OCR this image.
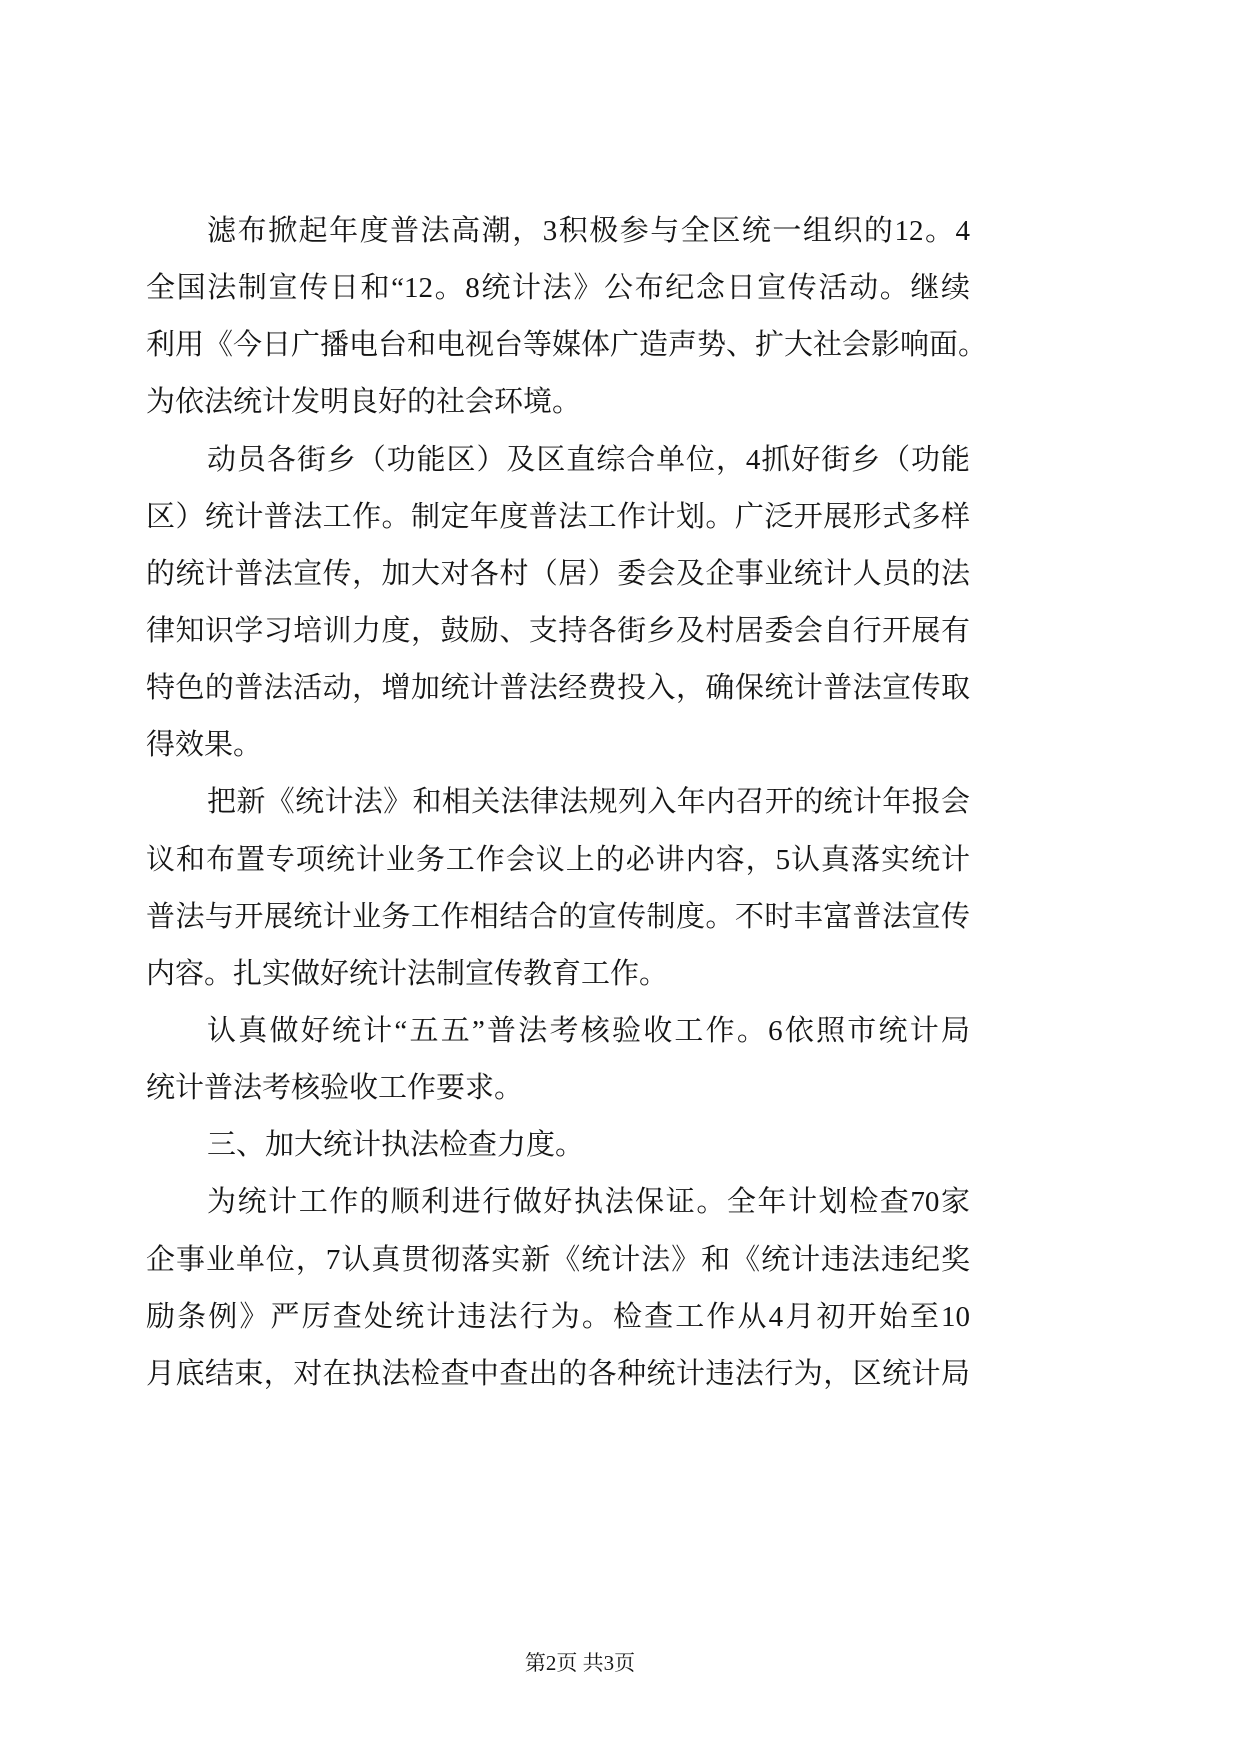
滤布掀起年度普法高潮，3积极参与全区统一组织的12。4
全国法制宣传日和“12。8统计法》公布纪念日宣传活动。继续
利用《今日广播电台和电视台等媒体广造声势、扩大社会影响面。
为依法统计发明良好的社会环境。
动员各街乡（功能区）及区直综合单位，4抓好街乡（功能
区）统计普法工作。制定年度普法工作计划。广泛开展形式多样
的统计普法宣传，加大对各村（居）委会及企事业统计人员的法
律知识学习培训力度，鼓励、支持各街乡及村居委会自行开展有
特色的普法活动，增加统计普法经费投入，确保统计普法宣传取
得效果。
把新《统计法》和相关法律法规列入年内召开的统计年报会
议和布置专项统计业务工作会议上的必讲内容，5认真落实统计
普法与开展统计业务工作相结合的宣传制度。不时丰富普法宣传
内容。扎实做好统计法制宣传教育工作。
认真做好统计“五五”普法考核验收工作。6依照市统计局
统计普法考核验收工作要求。
三、加大统计执法检查力度。
为统计工作的顺利进行做好执法保证。全年计划检查70家
企事业单位，7认真贯彻落实新《统计法》和《统计违法违纪奖
励条例》严厉查处统计违法行为。检查工作从4月初开始至10
月底结束，对在执法检查中查出的各种统计违法行为，区统计局
第2页 共3页
